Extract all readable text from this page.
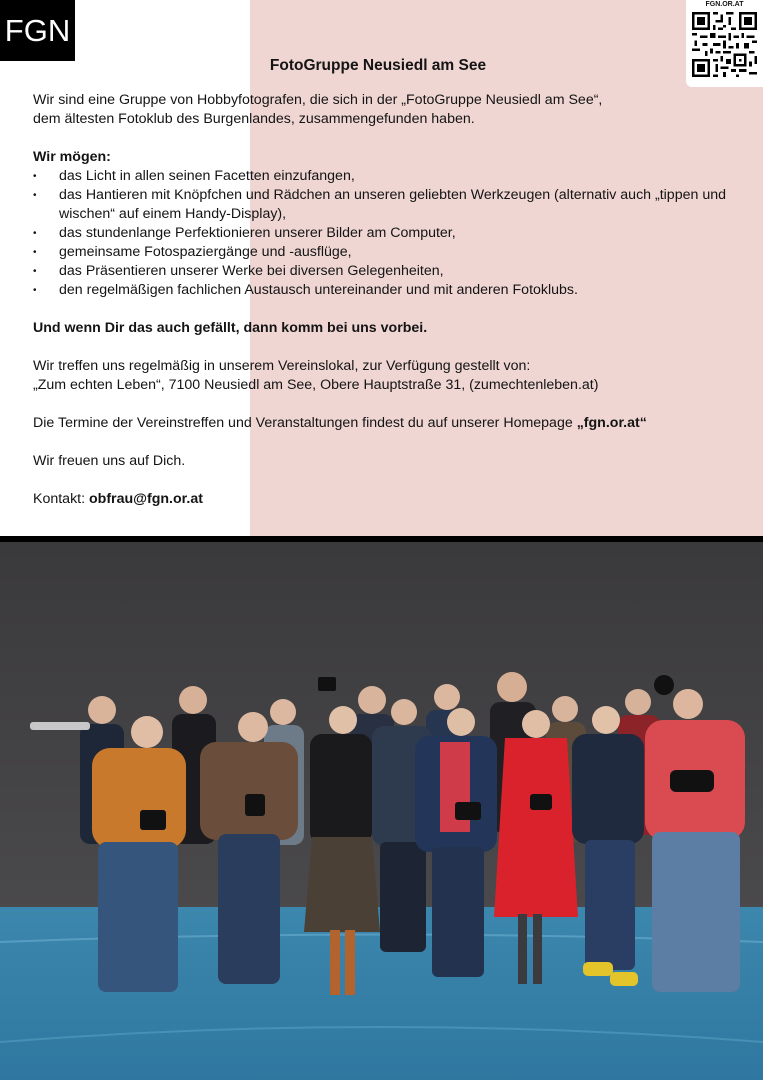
FGN
FGN.OR.AT
FotoGruppe Neusiedl am See

Wir sind eine Gruppe von Hobbyfotografen, die sich in der „FotoGruppe Neusiedl am See“,
dem ältesten Fotoklub des Burgenlandes, zusammengefunden haben.

Wir mögen:
• das Licht in allen seinen Facetten einzufangen,
• das Hantieren mit Knöpfchen und Rädchen an unseren geliebten Werkzeugen (alternativ auch „tippen und wischen“ auf einem Handy-Display),
• das stundenlange Perfektionieren unserer Bilder am Computer,
• gemeinsame Fotospaziergänge und -ausflüge,
• das Präsentieren unserer Werke bei diversen Gelegenheiten,
• den regelmäßigen fachlichen Austausch untereinander und mit anderen Fotoklubs.

Und wenn Dir das auch gefällt, dann komm bei uns vorbei.

Wir treffen uns regelmäßig in unserem Vereinslokal, zur Verfügung gestellt von:
„Zum echten Leben“, 7100 Neusiedl am See, Obere Hauptstraße 31, (zumechtenleben.at)

Die Termine der Vereinstreffen und Veranstaltungen findest du auf unserer Homepage „fgn.or.at“

Wir freuen uns auf Dich.

Kontakt: obfrau@fgn.or.at
